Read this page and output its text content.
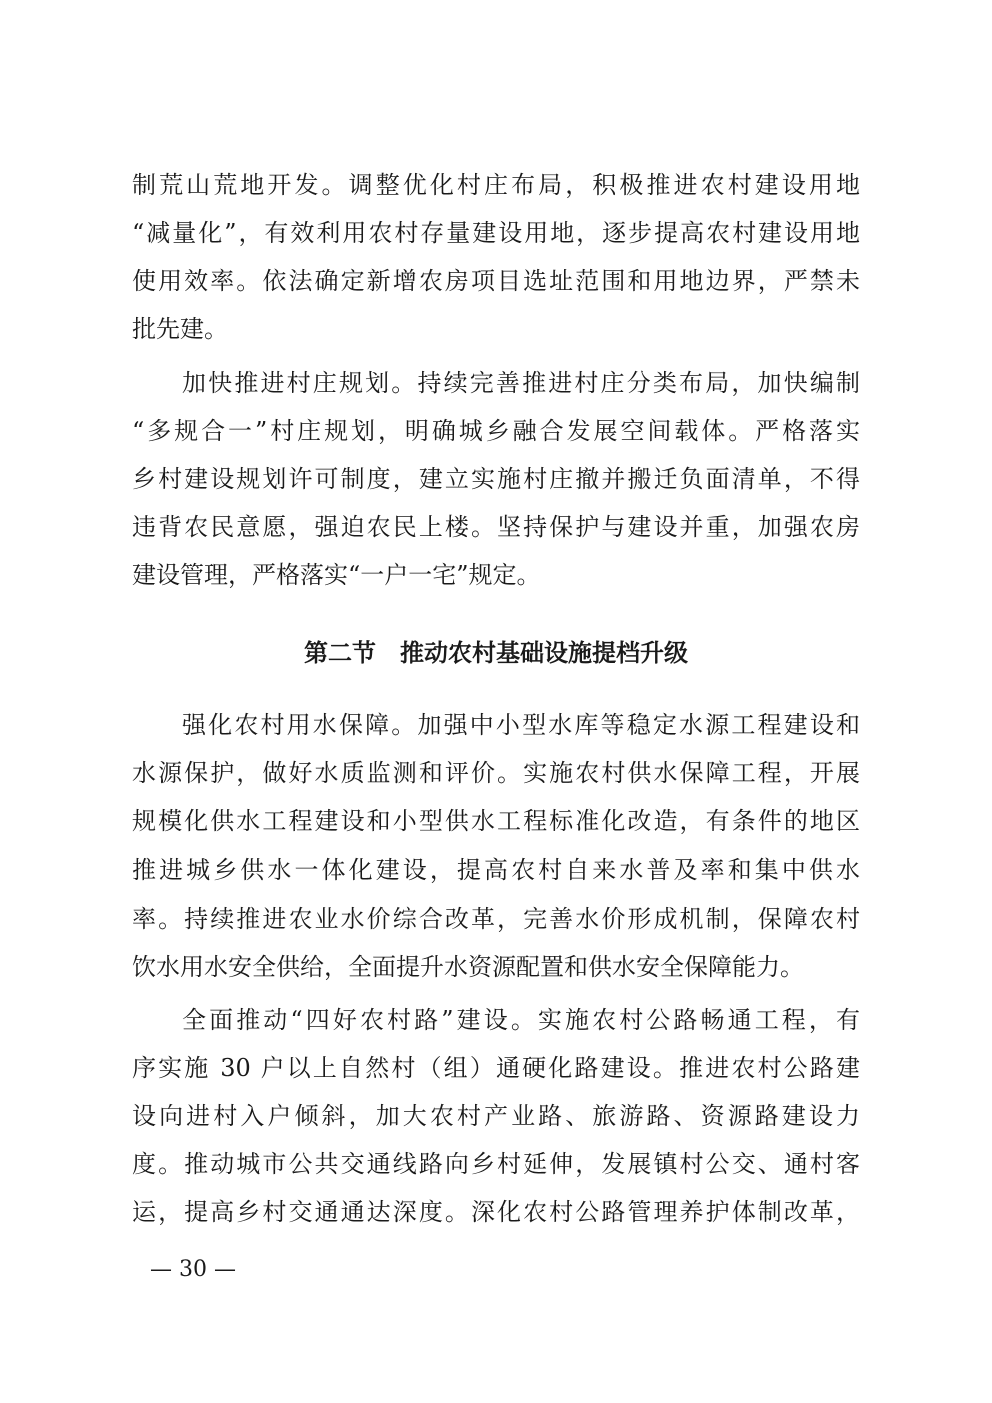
制荒山荒地开发。调整优化村庄布局，积极推进农村建设用地
“减量化”，有效利用农村存量建设用地，逐步提高农村建设用地
使用效率。依法确定新增农房项目选址范围和用地边界，严禁未
批先建。
加快推进村庄规划。持续完善推进村庄分类布局，加快编制
“多规合一”村庄规划，明确城乡融合发展空间载体。严格落实
乡村建设规划许可制度，建立实施村庄撤并搬迁负面清单，不得
违背农民意愿，强迫农民上楼。坚持保护与建设并重，加强农房
建设管理，严格落实“一户一宅”规定。
第二节　推动农村基础设施提档升级
强化农村用水保障。加强中小型水库等稳定水源工程建设和
水源保护，做好水质监测和评价。实施农村供水保障工程，开展
规模化供水工程建设和小型供水工程标准化改造，有条件的地区
推进城乡供水一体化建设，提高农村自来水普及率和集中供水
率。持续推进农业水价综合改革，完善水价形成机制，保障农村
饮水用水安全供给，全面提升水资源配置和供水安全保障能力。
全面推动“四好农村路”建设。实施农村公路畅通工程，有
序实施 30 户以上自然村（组）通硬化路建设。推进农村公路建
设向进村入户倾斜，加大农村产业路、旅游路、资源路建设力
度。推动城市公共交通线路向乡村延伸，发展镇村公交、通村客
运，提高乡村交通通达深度。深化农村公路管理养护体制改革，
— 30 —
